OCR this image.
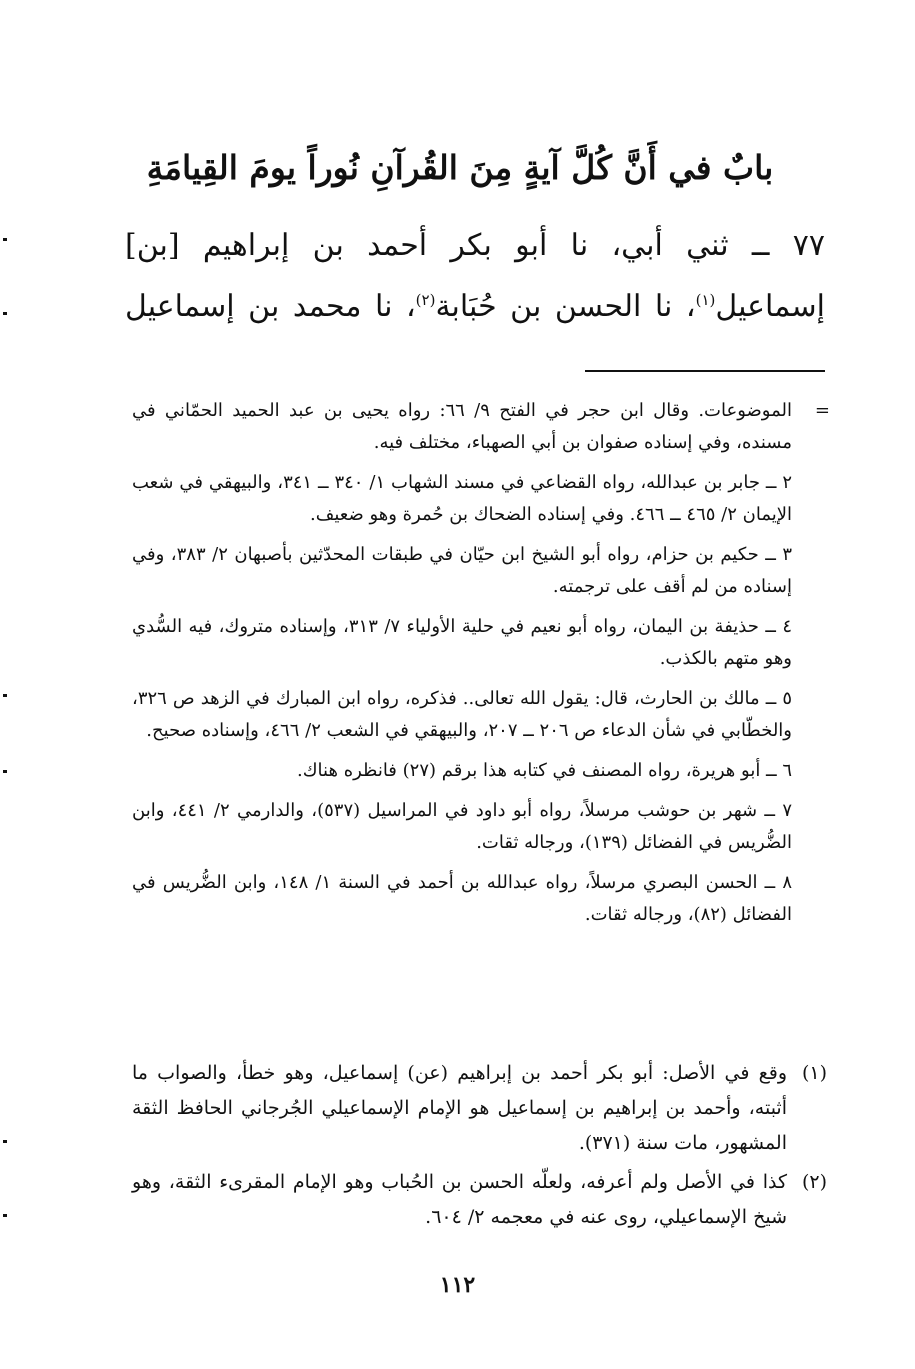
بابٌ في أَنَّ كُلَّ آيةٍ مِنَ القُرآنِ نُوراً يومَ القِيامَةِ
٧٧ ــ ثني أبي، نا أبو بكر أحمد بن إبراهيم [بن] إسماعيل$^{(١)}$، نا الحسن بن حُبَابة$^{(٢)}$، نا محمد بن إسماعيل
=

الموضوعات. وقال ابن حجر في الفتح ٩/ ٦٦: رواه يحيى بن عبد الحميد الحمّاني في مسنده، وفي إسناده صفوان بن أبي الصهباء، مختلف فيه.

٢ ــ جابر بن عبدالله، رواه القضاعي في مسند الشهاب ١/ ٣٤٠ ــ ٣٤١، والبيهقي في شعب الإيمان ٢/ ٤٦٥ ــ ٤٦٦. وفي إسناده الضحاك بن حُمرة وهو ضعيف.

٣ ــ حكيم بن حزام، رواه أبو الشيخ ابن حيّان في طبقات المحدّثين بأصبهان ٢/ ٣٨٣، وفي إسناده من لم أقف على ترجمته.

٤ ــ حذيفة بن اليمان، رواه أبو نعيم في حلية الأولياء ٧/ ٣١٣، وإسناده متروك، فيه السُّدي وهو متهم بالكذب.

٥ ــ مالك بن الحارث، قال: يقول الله تعالى.. فذكره، رواه ابن المبارك في الزهد ص ٣٢٦، والخطّابي في شأن الدعاء ص ٢٠٦ ــ ٢٠٧، والبيهقي في الشعب ٢/ ٤٦٦، وإسناده صحيح.

٦ ــ أبو هريرة، رواه المصنف في كتابه هذا برقم (٢٧) فانظره هناك.

٧ ــ شهر بن حوشب مرسلاً، رواه أبو داود في المراسيل (٥٣٧)، والدارمي ٢/ ٤٤١، وابن الضُّريس في الفضائل (١٣٩)، ورجاله ثقات.

٨ ــ الحسن البصري مرسلاً، رواه عبدالله بن أحمد في السنة ١/ ١٤٨، وابن الضُّريس في الفضائل (٨٢)، ورجاله ثقات.

(١)
وقع في الأصل: أبو بكر أحمد بن إبراهيم (عن) إسماعيل، وهو خطأ، والصواب ما أثبته، وأحمد بن إبراهيم بن إسماعيل هو الإمام الإسماعيلي الجُرجاني الحافظ الثقة المشهور، مات سنة (٣٧١).
(٢)
كذا في الأصل ولم أعرفه، ولعلّه الحسن بن الحُباب وهو الإمام المقرىء الثقة، وهو شيخ الإسماعيلي، روى عنه في معجمه ٢/ ٦٠٤.
١١٢
